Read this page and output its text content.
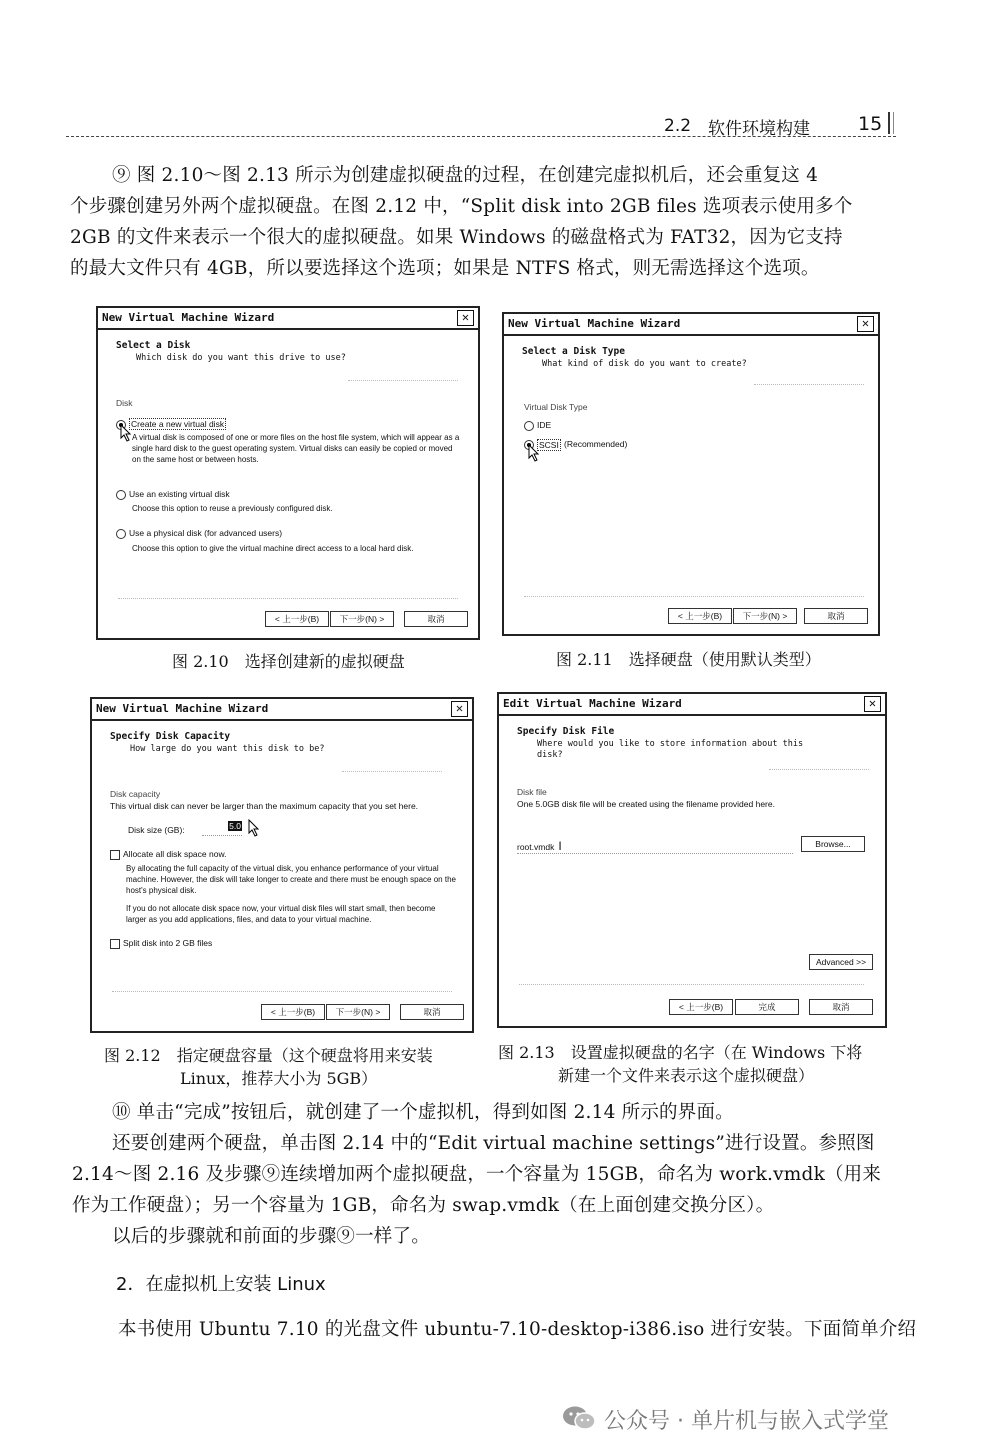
2.2 软件环境构建	15
⑨ 图 2.10～图 2.13 所示为创建虚拟硬盘的过程，在创建完虚拟机后，还会重复这 4
个步骤创建另外两个虚拟硬盘。在图 2.12 中，“Split disk into 2GB files 选项表示使用多个
2GB 的文件来表示一个很大的虚拟硬盘。如果 Windows 的磁盘格式为 FAT32，因为它支持
的最大文件只有 4GB，所以要选择这个选项；如果是 NTFS 格式，则无需选择这个选项。
New Virtual Machine Wizard	✕
Select a Disk
Which disk do you want this drive to use?
Disk
Create a new virtual disk
A virtual disk is composed of one or more files on the host file system, which will appear as a single hard disk to the guest operating system. Virtual disks can easily be copied or moved on the same host or between hosts.
Use an existing virtual disk
Choose this option to reuse a previously configured disk.
Use a physical disk (for advanced users)
Choose this option to give the virtual machine direct access to a local hard disk.
< 上一步(B)	下一步(N) >	取消
图 2.10　选择创建新的虚拟硬盘
New Virtual Machine Wizard	✕
Select a Disk Type
What kind of disk do you want to create?
Virtual Disk Type
IDE
SCSI (Recommended)
< 上一步(B)	下一步(N) >	取消
图 2.11　选择硬盘（使用默认类型）
New Virtual Machine Wizard	✕
Specify Disk Capacity
How large do you want this disk to be?
Disk capacity
This virtual disk can never be larger than the maximum capacity that you set here.
Disk size (GB):	5.0
Allocate all disk space now.
By allocating the full capacity of the virtual disk, you enhance performance of your virtual machine. However, the disk will take longer to create and there must be enough space on the host's physical disk.
If you do not allocate disk space now, your virtual disk files will start small, then become larger as you add applications, files, and data to your virtual machine.
Split disk into 2 GB files
< 上一步(B)	下一步(N) >	取消
图 2.12　指定硬盘容量（这个硬盘将用来安装
Linux，推荐大小为 5GB）
Edit Virtual Machine Wizard	✕
Specify Disk File
Where would you like to store information about this disk?
Disk file
One 5.0GB disk file will be created using the filename provided here.
root.vmdk I	Browse...
Advanced >>
< 上一步(B)	完成	取消
图 2.13　设置虚拟硬盘的名字（在 Windows 下将
新建一个文件来表示这个虚拟硬盘）
⑩ 单击“完成”按钮后，就创建了一个虚拟机，得到如图 2.14 所示的界面。
还要创建两个硬盘，单击图 2.14 中的“Edit virtual machine settings”进行设置。参照图
2.14～图 2.16 及步骤⑨连续增加两个虚拟硬盘，一个容量为 15GB，命名为 work.vmdk（用来
作为工作硬盘）；另一个容量为 1GB，命名为 swap.vmdk（在上面创建交换分区）。
以后的步骤就和前面的步骤⑨一样了。
2．在虚拟机上安装 Linux
本书使用 Ubuntu 7.10 的光盘文件 ubuntu-7.10-desktop-i386.iso 进行安装。下面简单介绍
公众号 · 单片机与嵌入式学堂
